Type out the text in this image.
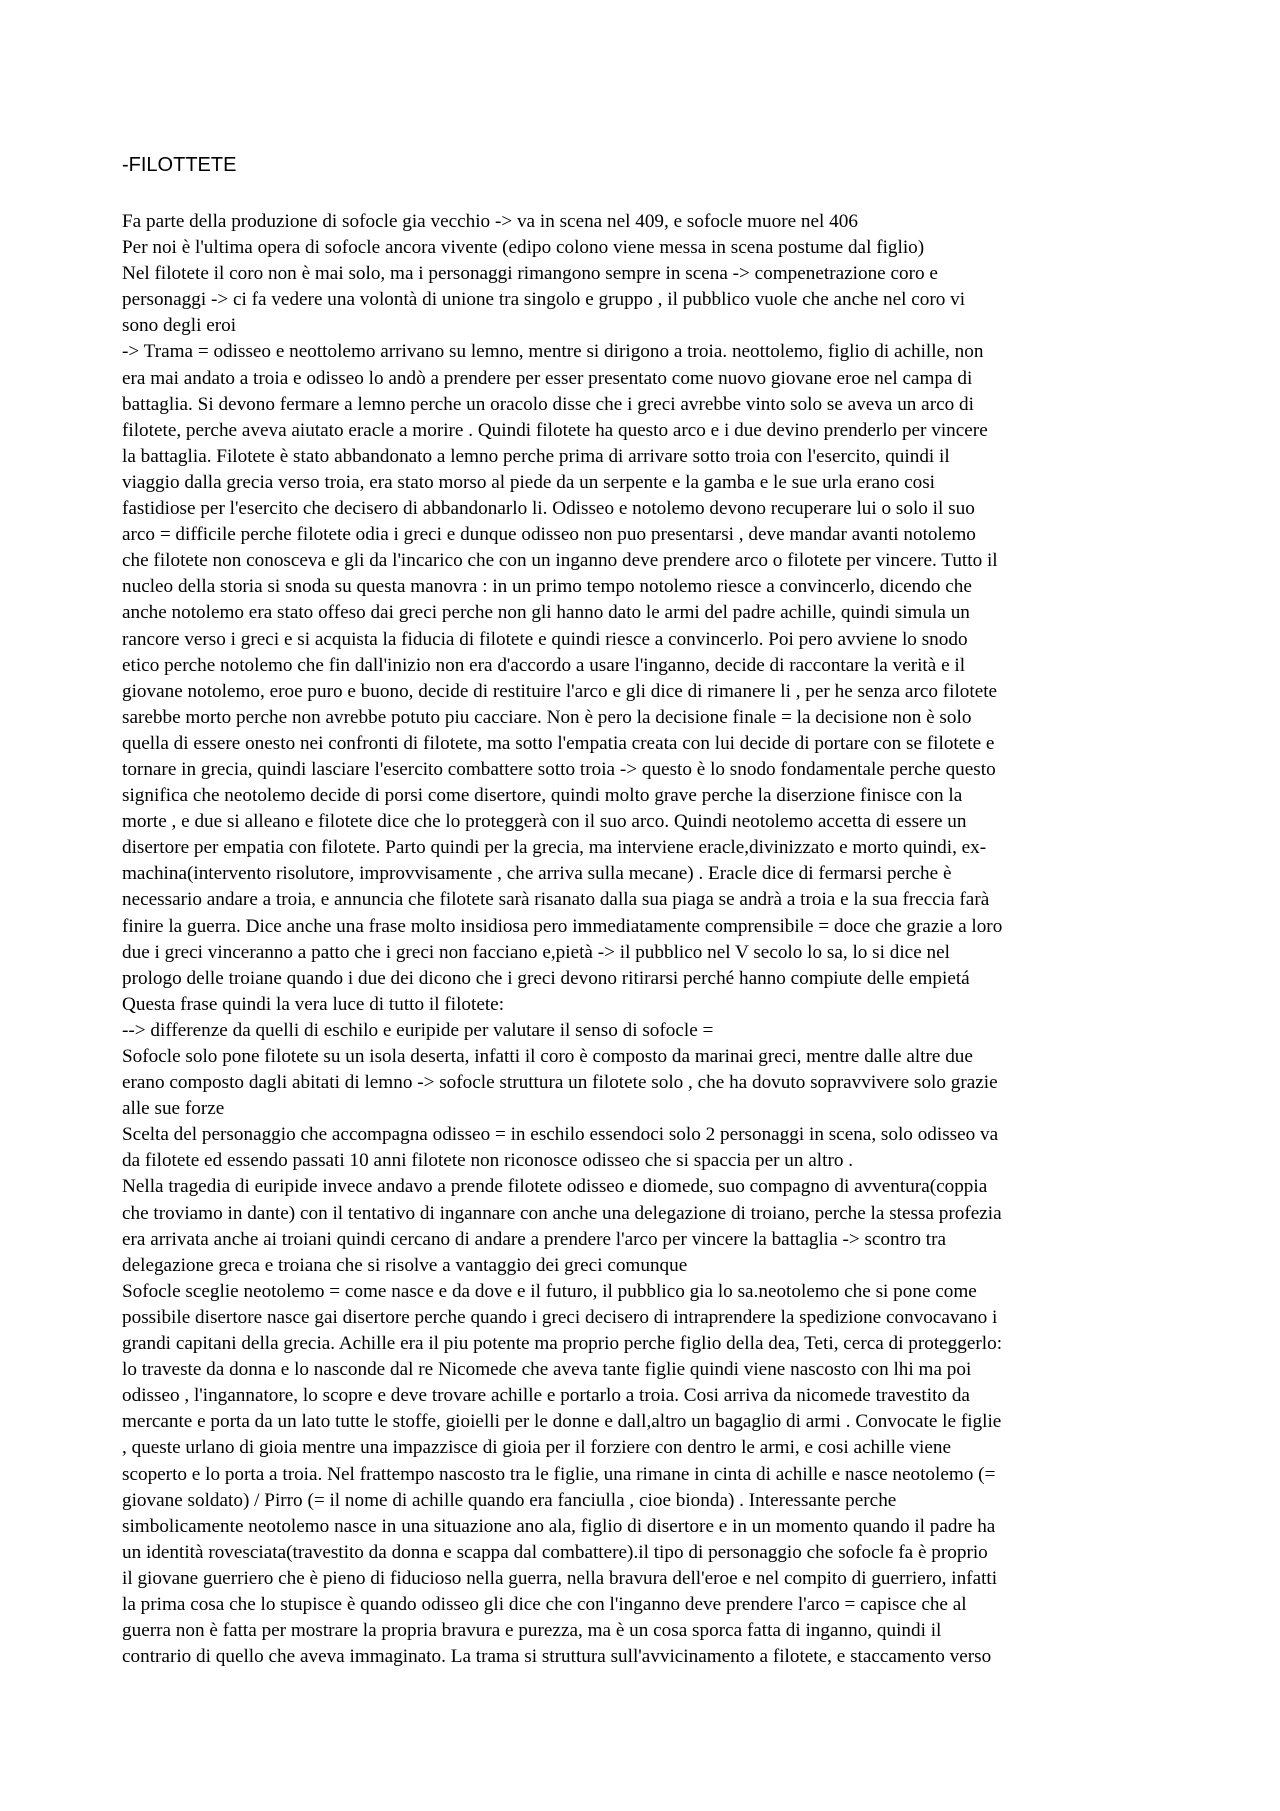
-FILOTTETE
Fa parte della produzione di sofocle gia vecchio -> va in scena nel 409, e sofocle muore nel 406
Per noi è l'ultima opera di sofocle ancora vivente (edipo colono viene messa in scena postume dal figlio)
Nel filotete il coro non è mai solo, ma i personaggi rimangono sempre in scena -> compenetrazione coro e
personaggi -> ci fa vedere una volontà di unione tra singolo e gruppo , il pubblico vuole che anche nel coro vi
sono degli eroi
-> Trama = odisseo e neottolemo arrivano su lemno, mentre si dirigono a troia. neottolemo, figlio di achille, non
era mai andato a troia e odisseo lo andò a prendere per esser presentato come nuovo giovane eroe nel campa di
battaglia. Si devono fermare a lemno perche un oracolo disse che i greci avrebbe vinto solo se aveva un arco di
filotete, perche aveva aiutato eracle a morire . Quindi filotete ha questo arco e i due devino prenderlo per vincere
la battaglia. Filotete è stato abbandonato a lemno perche prima di arrivare sotto troia con l'esercito, quindi il
viaggio dalla grecia verso troia, era stato morso al piede da un serpente e la gamba e le sue urla erano cosi
fastidiose per l'esercito che decisero di abbandonarlo li. Odisseo e notolemo devono recuperare lui o solo il suo
arco = difficile perche filotete odia i greci e dunque odisseo non puo presentarsi , deve mandar avanti notolemo
che filotete non conosceva e gli da l'incarico che con un inganno deve prendere arco o filotete per vincere. Tutto il
nucleo della storia si snoda su questa manovra : in un primo tempo notolemo riesce a convincerlo, dicendo che
anche notolemo era stato offeso dai greci perche non gli hanno dato le armi del padre achille, quindi simula un
rancore verso i greci e si acquista la fiducia di filotete e quindi riesce a convincerlo. Poi pero avviene lo snodo
etico perche notolemo che fin dall'inizio non era d'accordo a usare l'inganno, decide di raccontare la verità e il
giovane notolemo, eroe puro e buono, decide di restituire l'arco e gli dice di rimanere li , per he senza arco filotete
sarebbe morto perche non avrebbe potuto piu cacciare. Non è pero la decisione finale = la decisione non è solo
quella di essere onesto nei confronti di filotete, ma sotto l'empatia creata con lui decide di portare con se filotete e
tornare in grecia, quindi lasciare l'esercito combattere sotto troia -> questo è lo snodo fondamentale perche questo
significa che neotolemo decide di porsi come disertore, quindi molto grave perche la diserzione finisce con la
morte , e due si alleano e filotete dice che lo proteggerà con il suo arco. Quindi neotolemo accetta di essere un
disertore per empatia con filotete. Parto quindi per la grecia, ma interviene eracle,divinizzato e morto quindi, ex-
machina(intervento risolutore, improvvisamente , che arriva sulla mecane) . Eracle dice di fermarsi perche è
necessario andare a troia, e annuncia che filotete sarà risanato dalla sua piaga se andrà a troia e la sua freccia farà
finire la guerra. Dice anche una frase molto insidiosa pero immediatamente comprensibile = doce che grazie a loro
due i greci vinceranno a patto che i greci non facciano e,pietà -> il pubblico nel V secolo lo sa, lo si dice nel
prologo delle troiane quando i due dei dicono che i greci devono ritirarsi perché hanno compiute delle empietá
Questa frase quindi la vera luce di tutto il filotete:
--> differenze da quelli di eschilo e euripide per valutare il senso di sofocle =
Sofocle solo pone filotete su un isola deserta, infatti il coro è composto da marinai greci, mentre dalle altre due
erano composto dagli abitati di lemno -> sofocle struttura un filotete solo , che ha dovuto sopravvivere solo grazie
alle sue forze
Scelta del personaggio che accompagna odisseo = in eschilo essendoci solo 2 personaggi in scena, solo odisseo va
da filotete ed essendo passati 10 anni filotete non riconosce odisseo che si spaccia per un altro .
Nella tragedia di euripide invece andavo a prende filotete odisseo e diomede, suo compagno di avventura(coppia
che troviamo in dante) con il tentativo di ingannare con anche una delegazione di troiano, perche la stessa profezia
era arrivata anche ai troiani quindi cercano di andare a prendere l'arco per vincere la battaglia -> scontro tra
delegazione greca e troiana che si risolve a vantaggio dei greci comunque
Sofocle sceglie neotolemo = come nasce e da dove e il futuro, il pubblico gia lo sa.neotolemo che si pone come
possibile disertore nasce gai disertore perche quando i greci decisero di intraprendere la spedizione convocavano i
grandi capitani della grecia. Achille era il piu potente ma proprio perche figlio della dea, Teti, cerca di proteggerlo:
lo traveste da donna e lo nasconde dal re Nicomede che aveva tante figlie quindi viene nascosto con lhi ma poi
odisseo , l'ingannatore, lo scopre e deve trovare achille e portarlo a troia. Cosi arriva da nicomede travestito da
mercante e porta da un lato tutte le stoffe, gioielli per le donne e dall,altro un bagaglio di armi . Convocate le figlie
, queste urlano di gioia mentre una impazzisce di gioia per il forziere con dentro le armi, e cosi achille viene
scoperto e lo porta a troia. Nel frattempo nascosto tra le figlie, una rimane in cinta di achille e nasce neotolemo (=
giovane soldato) / Pirro (= il nome di achille quando era fanciulla , cioe bionda) . Interessante perche
simbolicamente neotolemo nasce in una situazione ano ala, figlio di disertore e in un momento quando il padre ha
un identità rovesciata(travestito da donna e scappa dal combattere).il tipo di personaggio che sofocle fa è proprio
il giovane guerriero che è pieno di fiducioso nella guerra, nella bravura dell'eroe e nel compito di guerriero, infatti
la prima cosa che lo stupisce è quando odisseo gli dice che con l'inganno deve prendere l'arco = capisce che al
guerra non è fatta per mostrare la propria bravura e purezza, ma è un cosa sporca fatta di inganno, quindi il
contrario di quello che aveva immaginato. La trama si struttura sull'avvicinamento a filotete, e staccamento verso
